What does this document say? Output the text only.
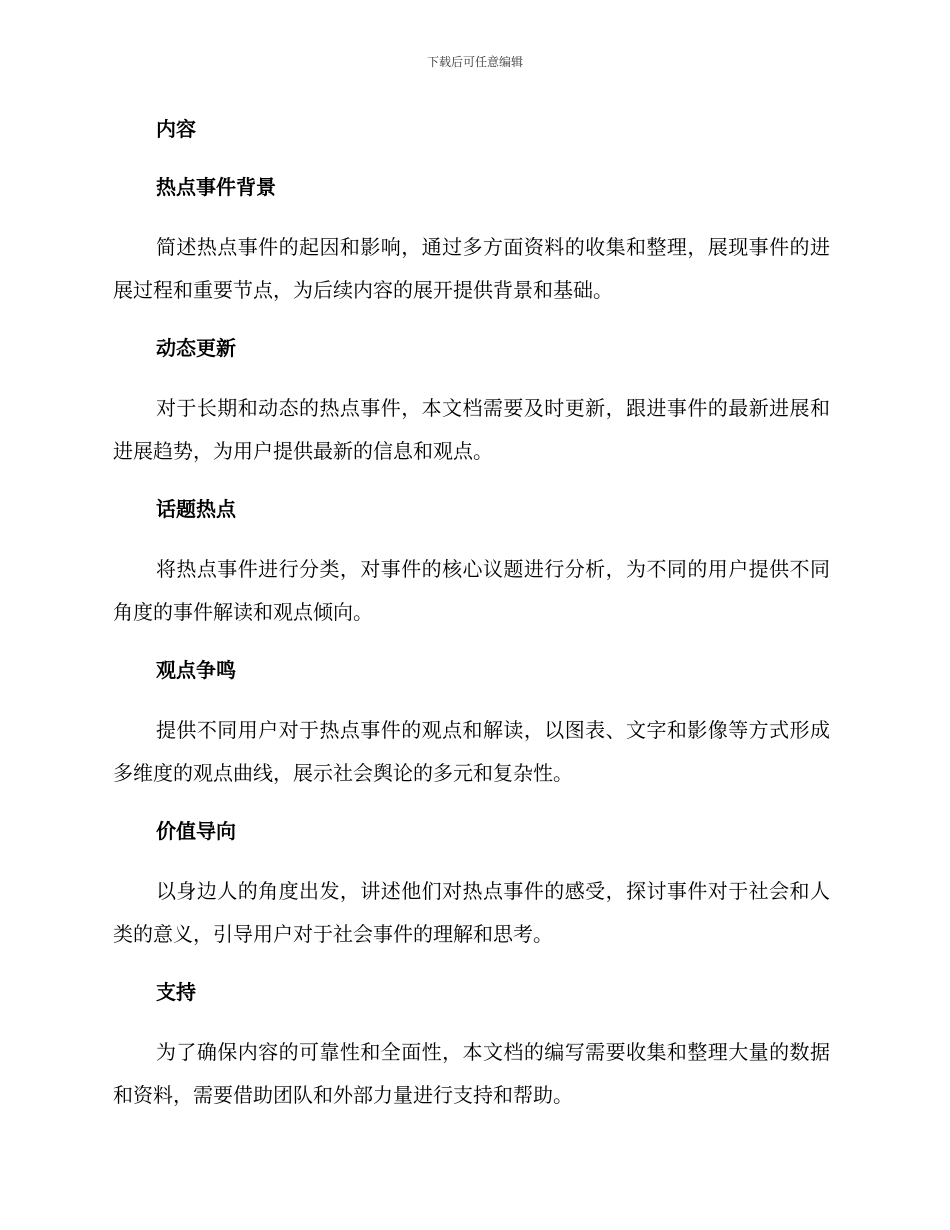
下载后可任意编辑
内容
热点事件背景

简述热点事件的起因和影响，通过多方面资料的收集和整理，展现事件的进展过程和重要节点，为后续内容的展开提供背景和基础。

动态更新

对于长期和动态的热点事件，本文档需要及时更新，跟进事件的最新进展和进展趋势，为用户提供最新的信息和观点。

话题热点

将热点事件进行分类，对事件的核心议题进行分析，为不同的用户提供不同角度的事件解读和观点倾向。

观点争鸣

提供不同用户对于热点事件的观点和解读，以图表、文字和影像等方式形成多维度的观点曲线，展示社会舆论的多元和复杂性。

价值导向

以身边人的角度出发，讲述他们对热点事件的感受，探讨事件对于社会和人类的意义，引导用户对于社会事件的理解和思考。

支持

为了确保内容的可靠性和全面性，本文档的编写需要收集和整理大量的数据和资料，需要借助团队和外部力量进行支持和帮助。
